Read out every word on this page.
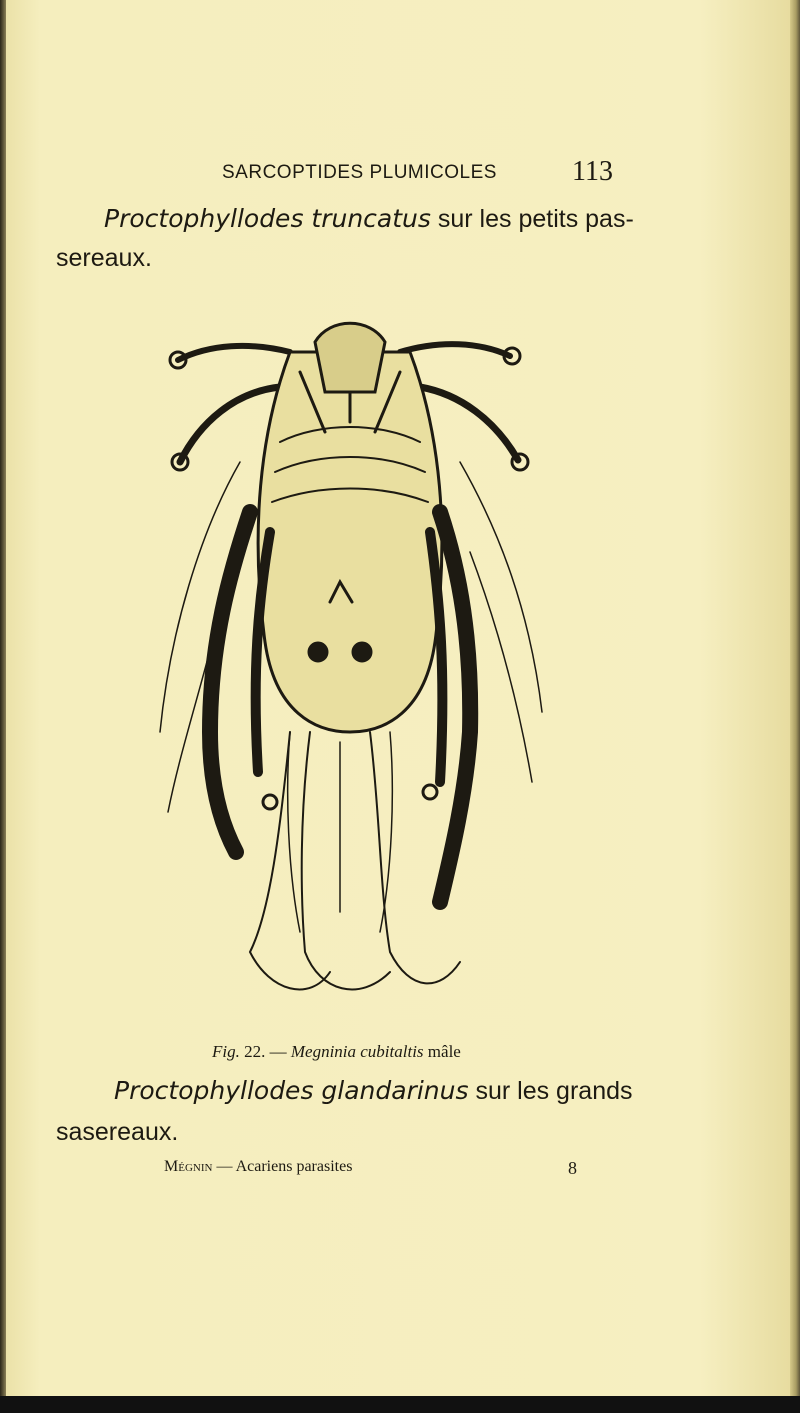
SARCOPTIDES PLUMICOLES	113
Proctophyllodes truncatus sur les petits pas-
sereaux.
Fig. 22. — Megninia cubitaltis mâle
Proctophyllodes glandarinus sur les grands
sasereaux.
Mégnin — Acariens parasites	8
